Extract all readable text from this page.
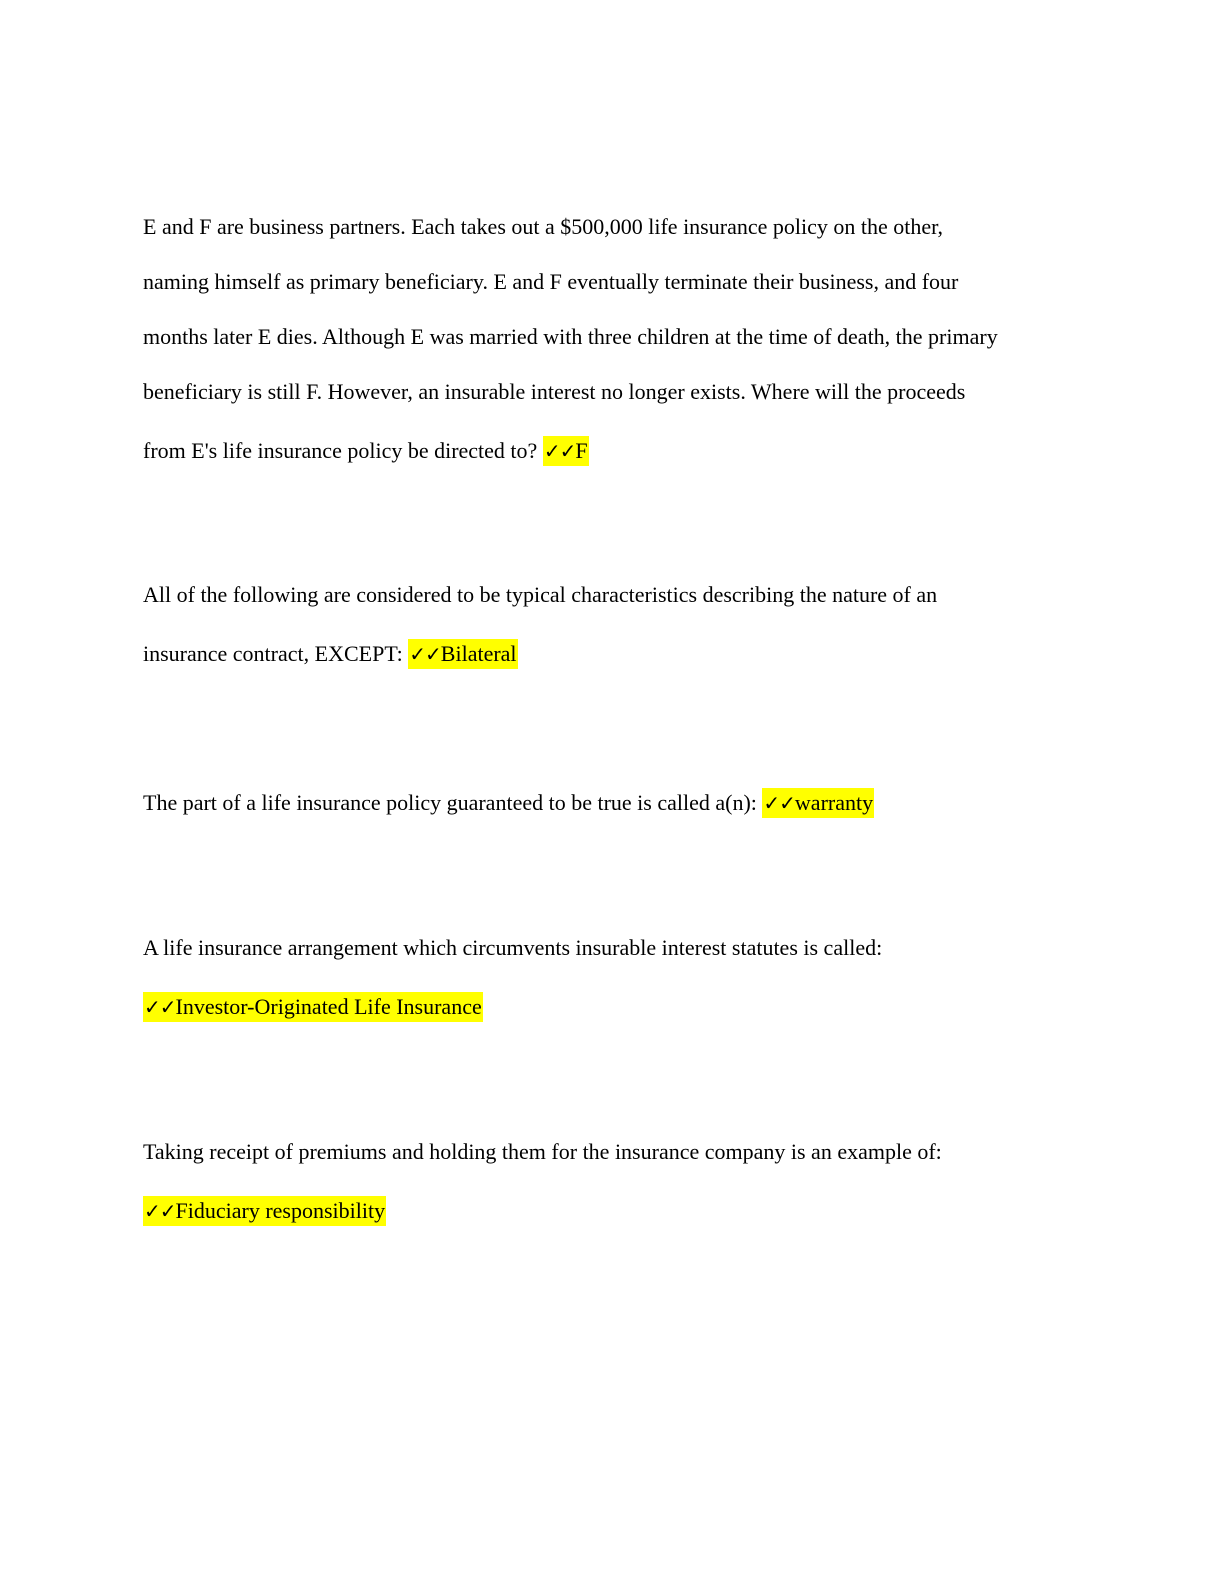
E and F are business partners. Each takes out a $500,000 life insurance policy on the other,
naming himself as primary beneficiary. E and F eventually terminate their business, and four
months later E dies. Although E was married with three children at the time of death, the primary
beneficiary is still F. However, an insurable interest no longer exists. Where will the proceeds
from E's life insurance policy be directed to? ✓✓F
All of the following are considered to be typical characteristics describing the nature of an
insurance contract, EXCEPT: ✓✓Bilateral
The part of a life insurance policy guaranteed to be true is called a(n): ✓✓warranty
A life insurance arrangement which circumvents insurable interest statutes is called:
✓✓Investor-Originated Life Insurance
Taking receipt of premiums and holding them for the insurance company is an example of:
✓✓Fiduciary responsibility
